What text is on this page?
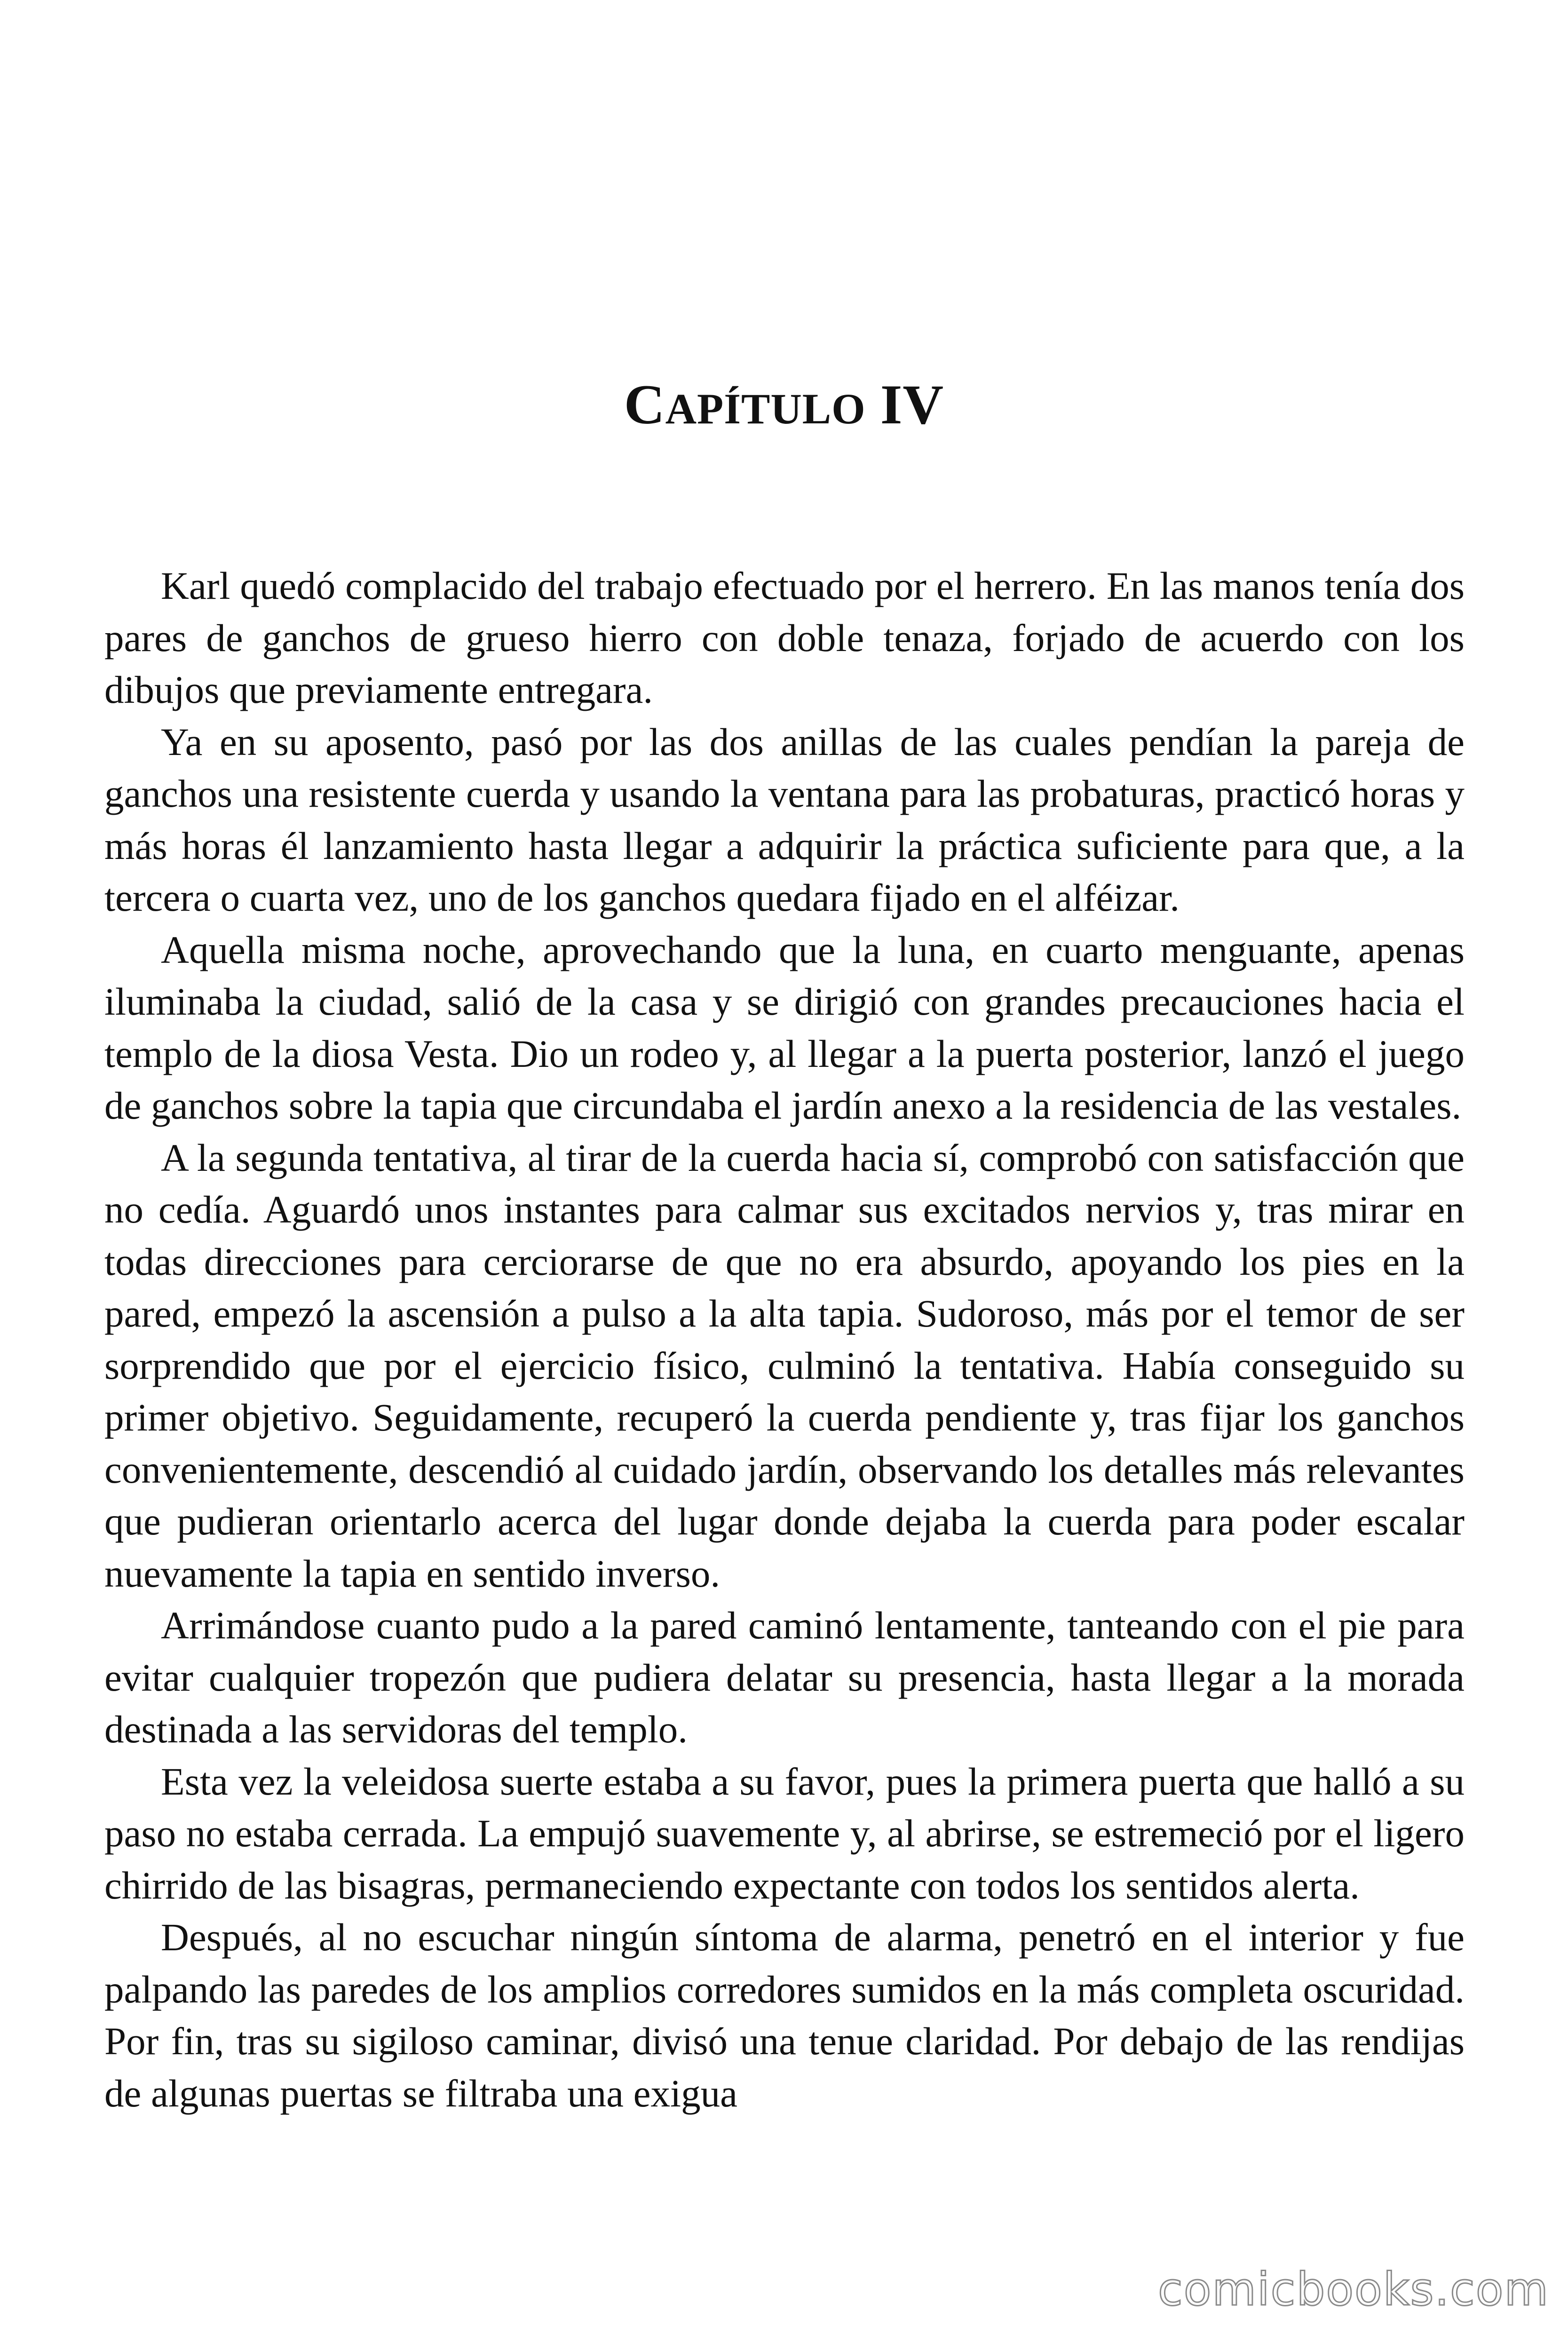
CAPÍTULO IV

Karl quedó complacido del trabajo efectuado por el herrero. En las manos tenía dos pares de ganchos de grueso hierro con doble tenaza, forjado de acuerdo con los dibujos que previamente entregara.

Ya en su aposento, pasó por las dos anillas de las cuales pendían la pareja de ganchos una resistente cuerda y usando la ventana para las probaturas, practicó horas y más horas él lanzamiento hasta llegar a adquirir la práctica suficiente para que, a la tercera o cuarta vez, uno de los ganchos quedara fijado en el alféizar.

Aquella misma noche, aprovechando que la luna, en cuarto menguante, apenas iluminaba la ciudad, salió de la casa y se dirigió con grandes precauciones hacia el templo de la diosa Vesta. Dio un rodeo y, al llegar a la puerta posterior, lanzó el juego de ganchos sobre la tapia que circundaba el jardín anexo a la residencia de las vestales.

A la segunda tentativa, al tirar de la cuerda hacia sí, comprobó con satisfacción que no cedía. Aguardó unos instantes para calmar sus excitados nervios y, tras mirar en todas direcciones para cerciorarse de que no era absurdo, apoyando los pies en la pared, empezó la ascensión a pulso a la alta tapia. Sudoroso, más por el temor de ser sorprendido que por el ejercicio físico, culminó la tentativa. Había conseguido su primer objetivo. Seguidamente, recuperó la cuerda pendiente y, tras fijar los ganchos convenientemente, descendió al cuidado jardín, observando los detalles más relevantes que pudieran orientarlo acerca del lugar donde dejaba la cuerda para poder escalar nuevamente la tapia en sentido inverso.

Arrimándose cuanto pudo a la pared caminó lentamente, tanteando con el pie para evitar cualquier tropezón que pudiera delatar su presencia, hasta llegar a la morada destinada a las servidoras del templo.

Esta vez la veleidosa suerte estaba a su favor, pues la primera puerta que halló a su paso no estaba cerrada. La empujó suavemente y, al abrirse, se estremeció por el ligero chirrido de las bisagras, permaneciendo expectante con todos los sentidos alerta.

Después, al no escuchar ningún síntoma de alarma, penetró en el interior y fue palpando las paredes de los amplios corredores sumidos en la más completa oscuridad. Por fin, tras su sigiloso caminar, divisó una tenue claridad. Por debajo de las rendijas de algunas puertas se filtraba una exigua

comicbooks.com
